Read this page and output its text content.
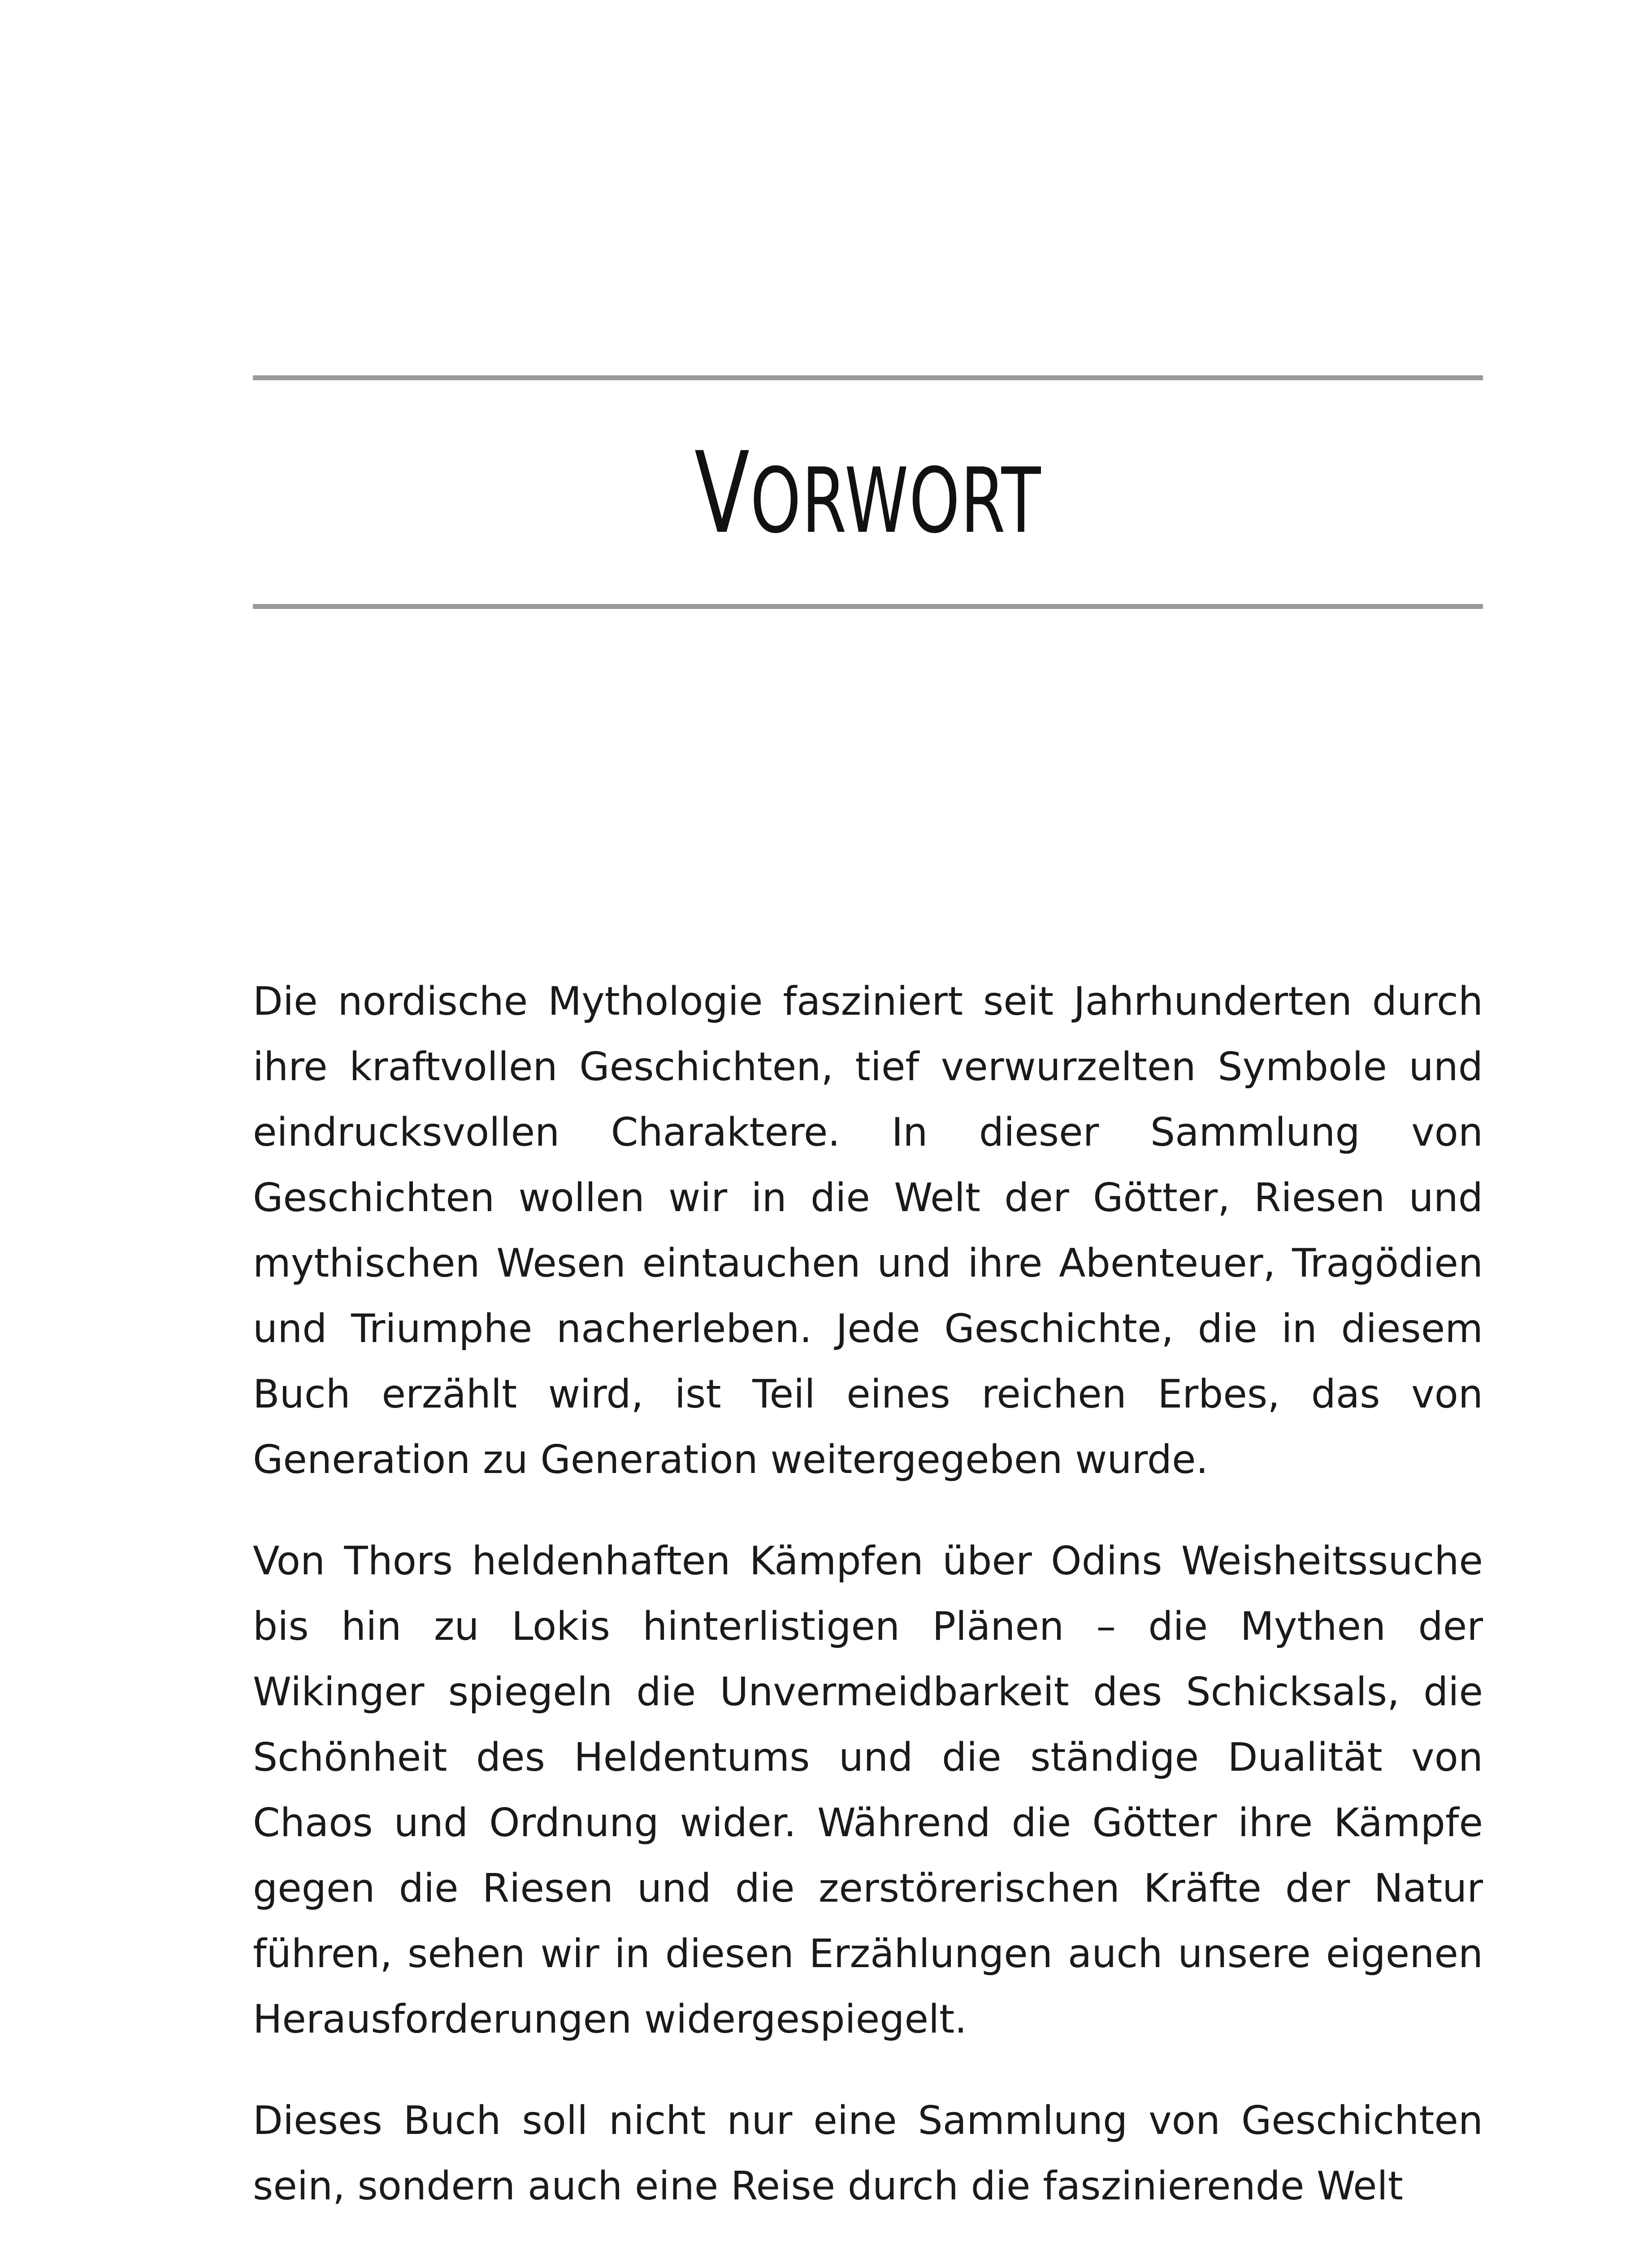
VORWORT

Die nordische Mythologie fasziniert seit Jahrhunderten durch ihre kraftvollen Geschichten, tief verwurzelten Symbole und eindrucksvollen Charaktere. In dieser Sammlung von Geschichten wollen wir in die Welt der Götter, Riesen und mythischen Wesen eintauchen und ihre Abenteuer, Tragödien und Triumphe nacherleben. Jede Geschichte, die in diesem Buch erzählt wird, ist Teil eines reichen Erbes, das von Generation zu Generation weitergegeben wurde.

Von Thors heldenhaften Kämpfen über Odins Weisheitssuche bis hin zu Lokis hinterlistigen Plänen – die Mythen der Wikinger spiegeln die Unvermeidbarkeit des Schicksals, die Schönheit des Heldentums und die ständige Dualität von Chaos und Ordnung wider. Während die Götter ihre Kämpfe gegen die Riesen und die zerstörerischen Kräfte der Natur führen, sehen wir in diesen Erzählungen auch unsere eigenen Herausforderungen widergespiegelt.

Dieses Buch soll nicht nur eine Sammlung von Geschichten sein, sondern auch eine Reise durch die faszinierende Welt
